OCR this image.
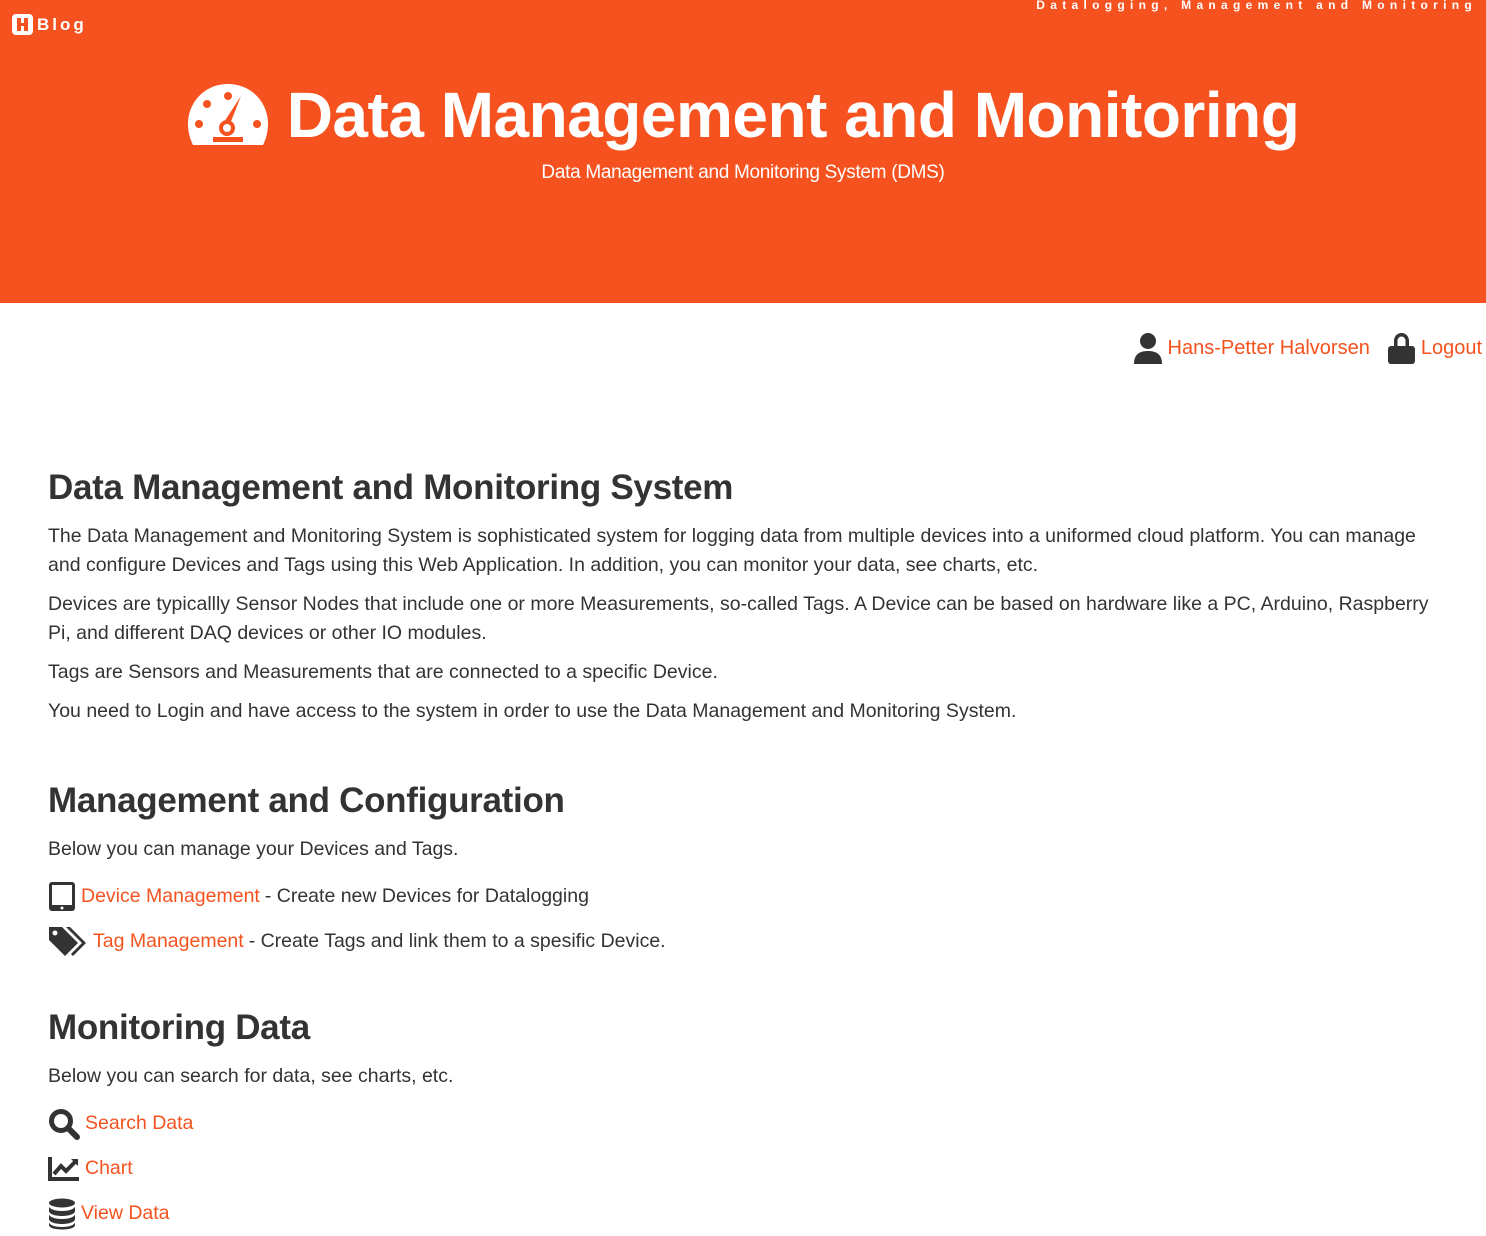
Blog
Datalogging, Management and Monitoring
Data Management and Monitoring
Data Management and Monitoring System (DMS)
Hans-Petter Halvorsen	Logout
Data Management and Monitoring System

The Data Management and Monitoring System is sophisticated system for logging data from multiple devices into a uniformed cloud platform. You can manage and configure Devices and Tags using this Web Application. In addition, you can monitor your data, see charts, etc.

Devices are typicallly Sensor Nodes that include one or more Measurements, so-called Tags. A Device can be based on hardware like a PC, Arduino, Raspberry Pi, and different DAQ devices or other IO modules.

Tags are Sensors and Measurements that are connected to a specific Device.

You need to Login and have access to the system in order to use the Data Management and Monitoring System.

Management and Configuration

Below you can manage your Devices and Tags.

Device Management - Create new Devices for Datalogging
Tag Management - Create Tags and link them to a spesific Device.
Monitoring Data

Below you can search for data, see charts, etc.

Search Data
Chart
View Data
